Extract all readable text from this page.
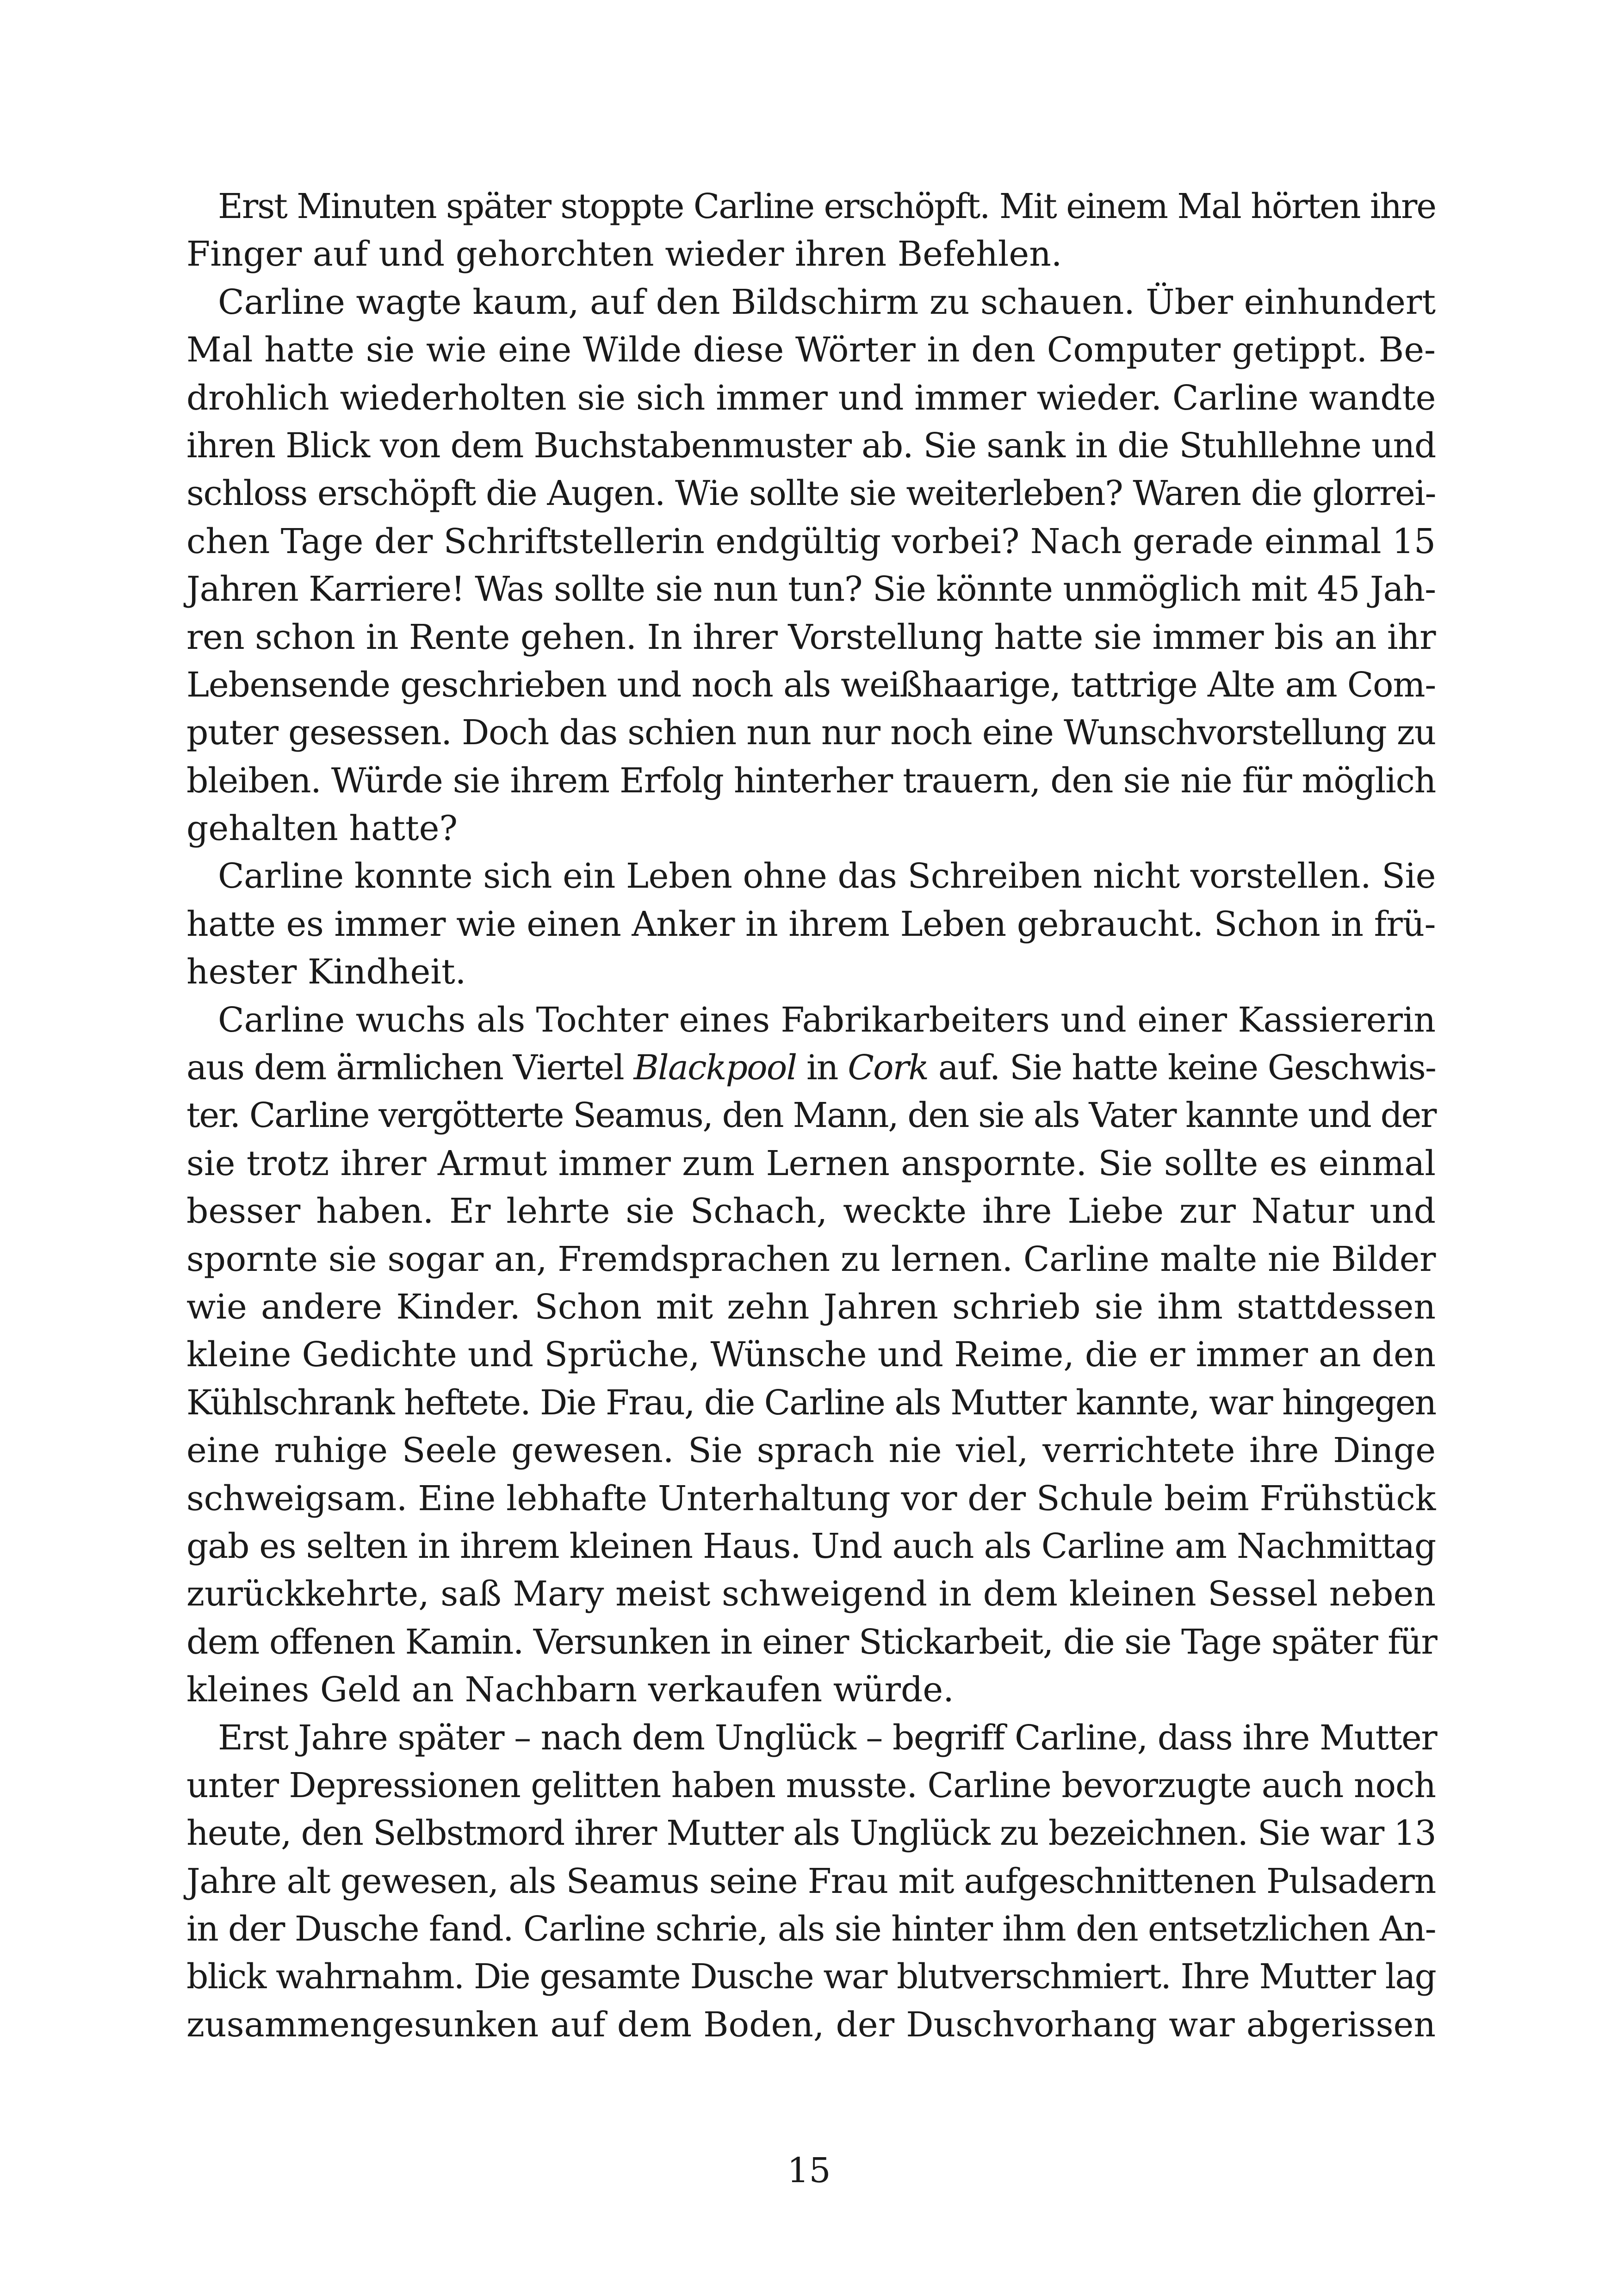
Erst Minuten später stoppte Carline erschöpft. Mit einem Mal hörten ihre
Finger auf und gehorchten wieder ihren Befehlen.
Carline wagte kaum, auf den Bildschirm zu schauen. Über einhundert
Mal hatte sie wie eine Wilde diese Wörter in den Computer getippt. Be-
drohlich wiederholten sie sich immer und immer wieder. Carline wandte
ihren Blick von dem Buchstabenmuster ab. Sie sank in die Stuhllehne und
schloss erschöpft die Augen. Wie sollte sie weiterleben? Waren die glorrei-
chen Tage der Schriftstellerin endgültig vorbei? Nach gerade einmal 15
Jahren Karriere! Was sollte sie nun tun? Sie könnte unmöglich mit 45 Jah-
ren schon in Rente gehen. In ihrer Vorstellung hatte sie immer bis an ihr
Lebensende geschrieben und noch als weißhaarige, tattrige Alte am Com-
puter gesessen. Doch das schien nun nur noch eine Wunschvorstellung zu
bleiben. Würde sie ihrem Erfolg hinterher trauern, den sie nie für möglich
gehalten hatte?
Carline konnte sich ein Leben ohne das Schreiben nicht vorstellen. Sie
hatte es immer wie einen Anker in ihrem Leben gebraucht. Schon in frü-
hester Kindheit.
Carline wuchs als Tochter eines Fabrikarbeiters und einer Kassiererin
aus dem ärmlichen Viertel Blackpool in Cork auf. Sie hatte keine Geschwis-
ter. Carline vergötterte Seamus, den Mann, den sie als Vater kannte und der
sie trotz ihrer Armut immer zum Lernen anspornte. Sie sollte es einmal
besser haben. Er lehrte sie Schach, weckte ihre Liebe zur Natur und
spornte sie sogar an, Fremdsprachen zu lernen. Carline malte nie Bilder
wie andere Kinder. Schon mit zehn Jahren schrieb sie ihm stattdessen
kleine Gedichte und Sprüche, Wünsche und Reime, die er immer an den
Kühlschrank heftete. Die Frau, die Carline als Mutter kannte, war hingegen
eine ruhige Seele gewesen. Sie sprach nie viel, verrichtete ihre Dinge
schweigsam. Eine lebhafte Unterhaltung vor der Schule beim Frühstück
gab es selten in ihrem kleinen Haus. Und auch als Carline am Nachmittag
zurückkehrte, saß Mary meist schweigend in dem kleinen Sessel neben
dem offenen Kamin. Versunken in einer Stickarbeit, die sie Tage später für
kleines Geld an Nachbarn verkaufen würde.
Erst Jahre später – nach dem Unglück – begriff Carline, dass ihre Mutter
unter Depressionen gelitten haben musste. Carline bevorzugte auch noch
heute, den Selbstmord ihrer Mutter als Unglück zu bezeichnen. Sie war 13
Jahre alt gewesen, als Seamus seine Frau mit aufgeschnittenen Pulsadern
in der Dusche fand. Carline schrie, als sie hinter ihm den entsetzlichen An-
blick wahrnahm. Die gesamte Dusche war blutverschmiert. Ihre Mutter lag
zusammengesunken auf dem Boden, der Duschvorhang war abgerissen
15
